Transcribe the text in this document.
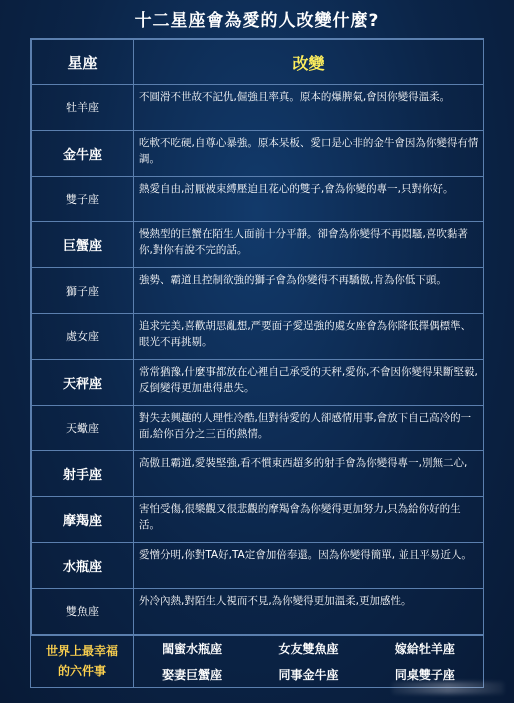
十二星座會為愛的人改變什麼?
星座	改變
牡羊座	不圓滑不世故不記仇,倔強且率真。原本的爆脾氣,會因你變得溫柔。
金牛座	吃軟不吃硬,自尊心暴強。原本呆板、愛口是心非的金牛會因為你變得有情調。
雙子座	熱愛自由,討厭被束縛壓迫且花心的雙子,會為你變的專一,只對你好。
巨蟹座	慢熱型的巨蟹在陌生人面前十分平靜。卻會為你變得不再悶騷,喜吹黏著你,對你有說不完的話。
獅子座	強勢、霸道且控制欲強的獅子會為你變得不再驕傲,肯為你低下頭。
處女座	追求完美,喜歡胡思亂想,严要面子愛逞強的處女座會為你降低擇偶標準、眼光不再挑剔。
天秤座	常常猶豫,什麼事都放在心裡自己承受的天秤,愛你,不會因你變得果斷堅毅,反倒變得更加患得患失。
天蠍座	對失去興趣的人理性冷酷,但對待愛的人卻感情用事,會放下自己高冷的一面,給你百分之三百的熱情。
射手座	高傲且霸道,愛裝堅強,看不慣東西超多的射手會為你變得專一,別無二心,
摩羯座	害怕受傷,很樂觀又很悲觀的摩羯會為你變得更加努力,只為給你好的生活。
水瓶座	愛憎分明,你對TA好,TA定會加倍奉還。因為你變得簡單, 並且平易近人。
雙魚座	外冷內熱,對陌生人視而不見,為你變得更加溫柔,更加感性。
世界上最幸福
的六件事
閨蜜水瓶座	女友雙魚座	嫁給牡羊座
娶妻巨蟹座	同事金牛座	同桌雙子座
